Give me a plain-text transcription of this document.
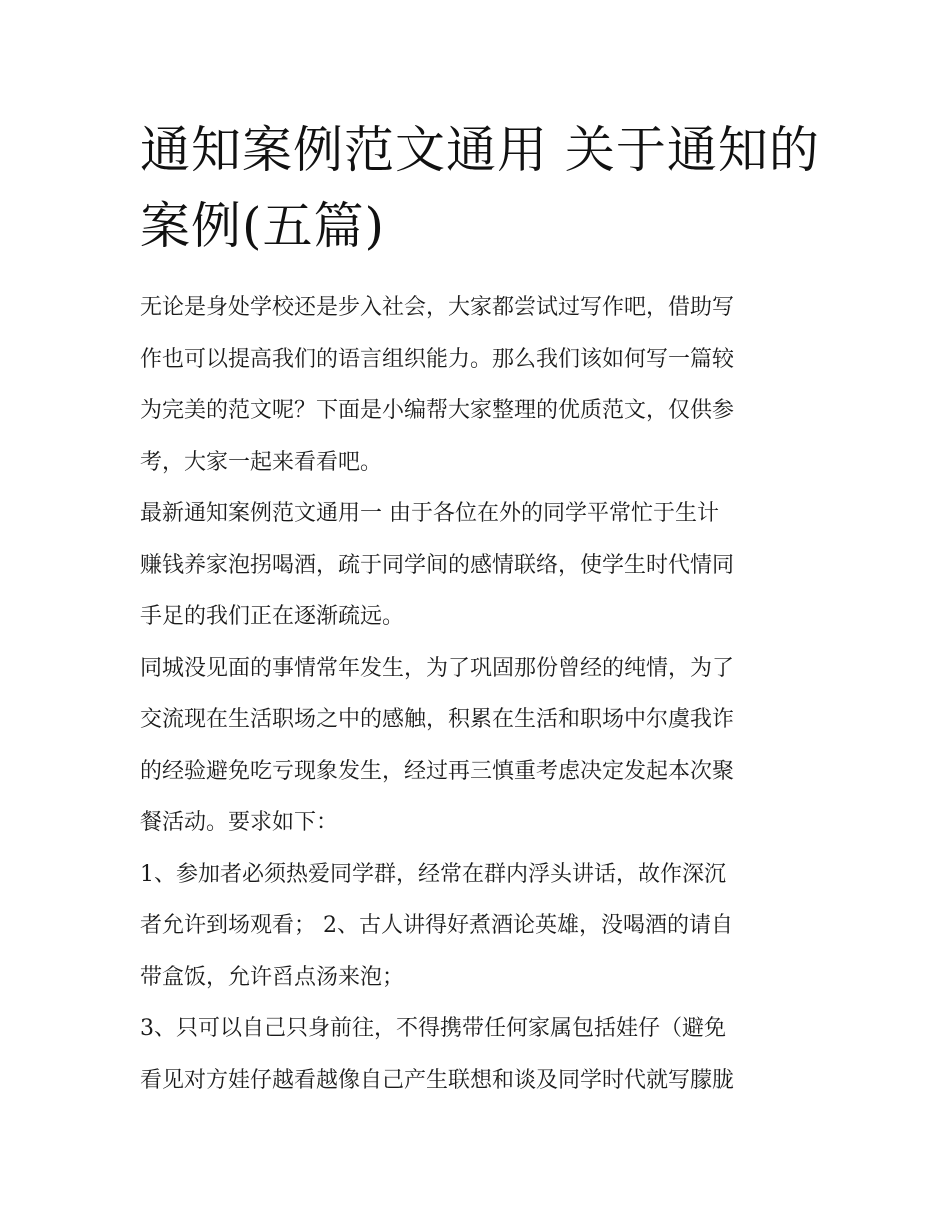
通知案例范文通用 关于通知的
案例(五篇)
无论是身处学校还是步入社会，大家都尝试过写作吧，借助写
作也可以提高我们的语言组织能力。那么我们该如何写一篇较
为完美的范文呢？下面是小编帮大家整理的优质范文，仅供参
考，大家一起来看看吧。
最新通知案例范文通用一 由于各位在外的同学平常忙于生计
赚钱养家泡拐喝酒，疏于同学间的感情联络，使学生时代情同
手足的我们正在逐渐疏远。
同城没见面的事情常年发生，为了巩固那份曾经的纯情，为了
交流现在生活职场之中的感触，积累在生活和职场中尔虞我诈
的经验避免吃亏现象发生，经过再三慎重考虑决定发起本次聚
餐活动。要求如下：
1、参加者必须热爱同学群，经常在群内浮头讲话，故作深沉
者允许到场观看； 2、古人讲得好煮酒论英雄，没喝酒的请自
带盒饭，允许舀点汤来泡；
3、只可以自己只身前往，不得携带任何家属包括娃仔（避免
看见对方娃仔越看越像自己产生联想和谈及同学时代就写朦胧
